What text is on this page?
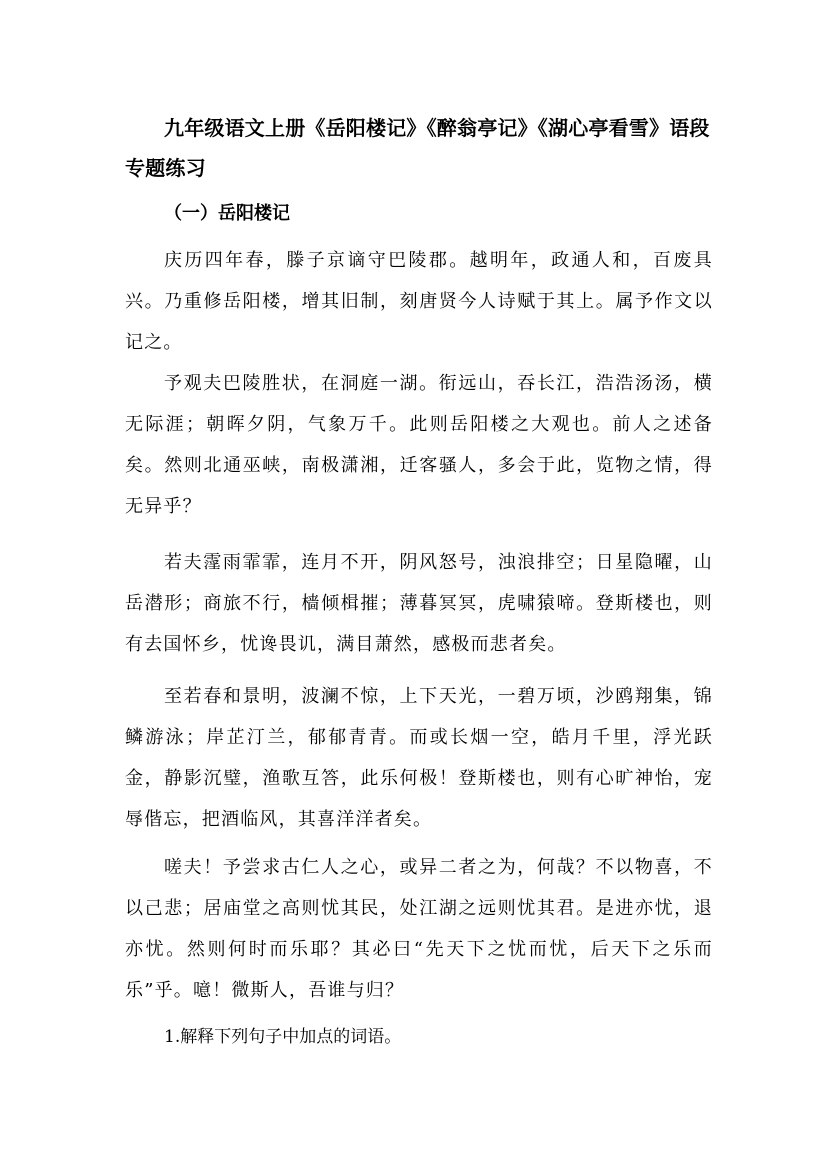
九年级语文上册《岳阳楼记》《醉翁亭记》《湖心亭看雪》语段专题练习
（一）岳阳楼记

庆历四年春，滕子京谪守巴陵郡。越明年，政通人和，百废具兴。乃重修岳阳楼，增其旧制，刻唐贤今人诗赋于其上。属予作文以记之。

予观夫巴陵胜状，在洞庭一湖。衔远山，吞长江，浩浩汤汤，横无际涯；朝晖夕阴，气象万千。此则岳阳楼之大观也。前人之述备矣。然则北通巫峡，南极潇湘，迁客骚人，多会于此，览物之情，得无异乎？

若夫霪雨霏霏，连月不开，阴风怒号，浊浪排空；日星隐曜，山岳潜形；商旅不行，樯倾楫摧；薄暮冥冥，虎啸猿啼。登斯楼也，则有去国怀乡，忧谗畏讥，满目萧然，感极而悲者矣。

至若春和景明，波澜不惊，上下天光，一碧万顷，沙鸥翔集，锦鳞游泳；岸芷汀兰，郁郁青青。而或长烟一空，皓月千里，浮光跃金，静影沉璧，渔歌互答，此乐何极！登斯楼也，则有心旷神怡，宠辱偕忘，把酒临风，其喜洋洋者矣。

嗟夫！予尝求古仁人之心，或异二者之为，何哉？不以物喜，不以己悲；居庙堂之高则忧其民，处江湖之远则忧其君。是进亦忧，退亦忧。然则何时而乐耶？其必曰“先天下之忧而忧，后天下之乐而乐”乎。噫！微斯人，吾谁与归？

1.解释下列句子中加点的词语。
